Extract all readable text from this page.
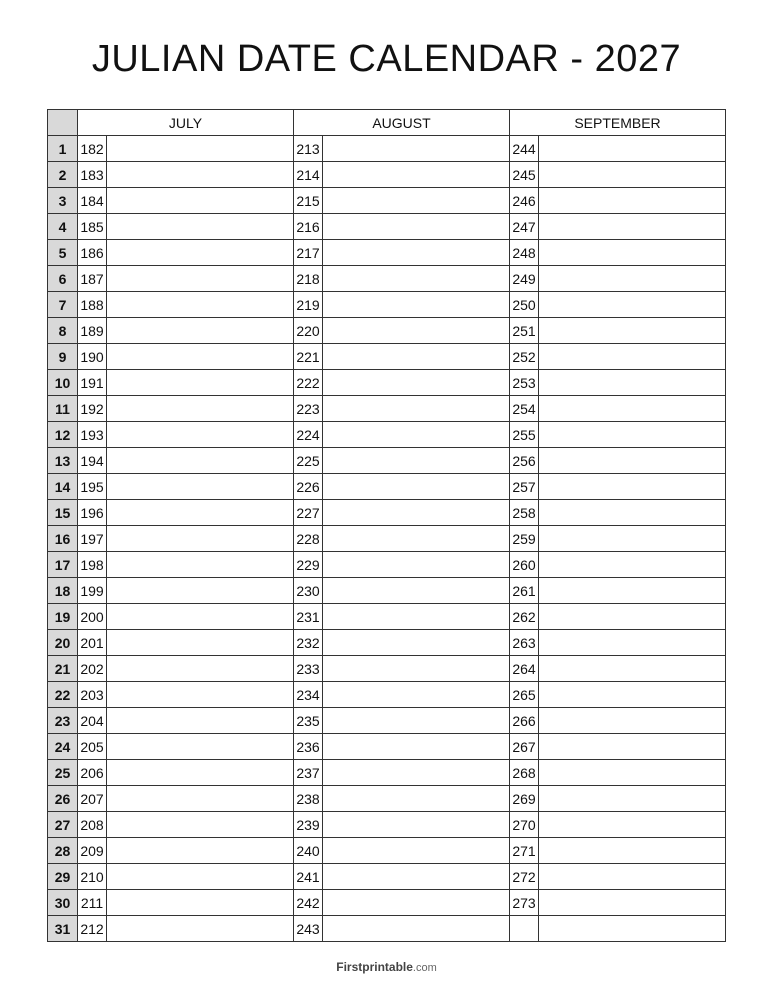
JULIAN DATE CALENDAR - 2027
	JULY		AUGUST		SEPTEMBER	
1	182		213		244	
2	183		214		245	
3	184		215		246	
4	185		216		247	
5	186		217		248	
6	187		218		249	
7	188		219		250	
8	189		220		251	
9	190		221		252	
10	191		222		253	
11	192		223		254	
12	193		224		255	
13	194		225		256	
14	195		226		257	
15	196		227		258	
16	197		228		259	
17	198		229		260	
18	199		230		261	
19	200		231		262	
20	201		232		263	
21	202		233		264	
22	203		234		265	
23	204		235		266	
24	205		236		267	
25	206		237		268	
26	207		238		269	
27	208		239		270	
28	209		240		271	
29	210		241		272	
30	211		242		273	
31	212		243			
Firstprintable.com
